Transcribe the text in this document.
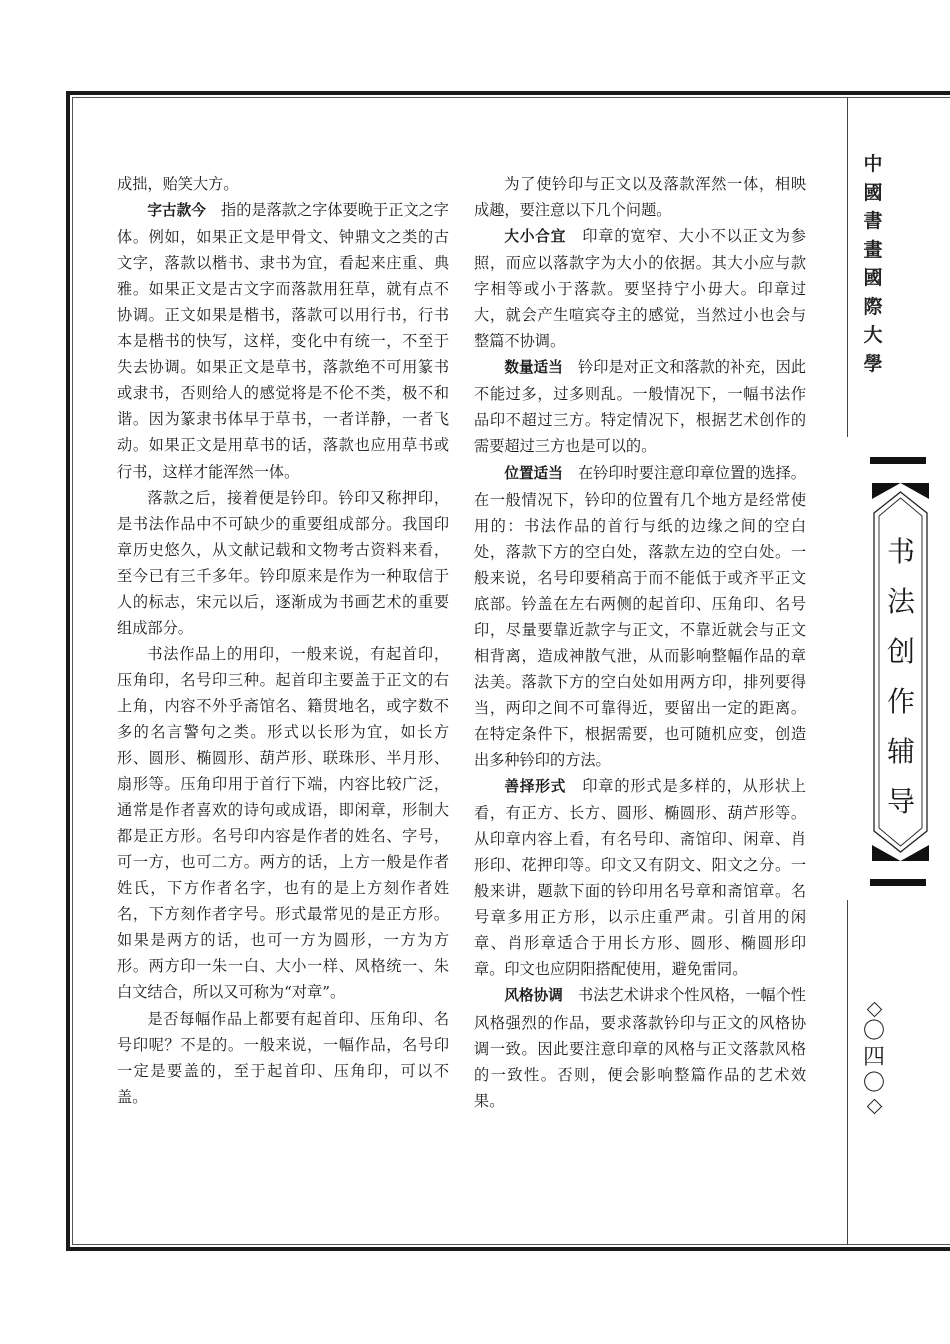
成拙，贻笑大方。

字古款今　指的是落款之字体要晚于正文之字体。例如，如果正文是甲骨文、钟鼎文之类的古文字，落款以楷书、隶书为宜，看起来庄重、典雅。如果正文是古文字而落款用狂草，就有点不协调。正文如果是楷书，落款可以用行书，行书本是楷书的快写，这样，变化中有统一，不至于失去协调。如果正文是草书，落款绝不可用篆书或隶书，否则给人的感觉将是不伦不类，极不和谐。因为篆隶书体早于草书，一者详静，一者飞动。如果正文是用草书的话，落款也应用草书或行书，这样才能浑然一体。

落款之后，接着便是钤印。钤印又称押印，是书法作品中不可缺少的重要组成部分。我国印章历史悠久，从文献记载和文物考古资料来看，至今已有三千多年。钤印原来是作为一种取信于人的标志，宋元以后，逐渐成为书画艺术的重要组成部分。

书法作品上的用印，一般来说，有起首印，压角印，名号印三种。起首印主要盖于正文的右上角，内容不外乎斋馆名、籍贯地名，或字数不多的名言警句之类。形式以长形为宜，如长方形、圆形、椭圆形、葫芦形、联珠形、半月形、扇形等。压角印用于首行下端，内容比较广泛，通常是作者喜欢的诗句或成语，即闲章，形制大都是正方形。名号印内容是作者的姓名、字号，可一方，也可二方。两方的话，上方一般是作者姓氏，下方作者名字，也有的是上方刻作者姓名，下方刻作者字号。形式最常见的是正方形。如果是两方的话，也可一方为圆形，一方为方形。两方印一朱一白、大小一样、风格统一、朱白文结合，所以又可称为“对章”。

是否每幅作品上都要有起首印、压角印、名号印呢？不是的。一般来说，一幅作品，名号印一定是要盖的，至于起首印、压角印，可以不盖。

为了使钤印与正文以及落款浑然一体，相映成趣，要注意以下几个问题。

大小合宜　印章的宽窄、大小不以正文为参照，而应以落款字为大小的依据。其大小应与款字相等或小于落款。要坚持宁小毋大。印章过大，就会产生喧宾夺主的感觉，当然过小也会与整篇不协调。

数量适当　钤印是对正文和落款的补充，因此不能过多，过多则乱。一般情况下，一幅书法作品印不超过三方。特定情况下，根据艺术创作的需要超过三方也是可以的。

位置适当　在钤印时要注意印章位置的选择。在一般情况下，钤印的位置有几个地方是经常使用的：书法作品的首行与纸的边缘之间的空白处，落款下方的空白处，落款左边的空白处。一般来说，名号印要稍高于而不能低于或齐平正文底部。钤盖在左右两侧的起首印、压角印、名号印，尽量要靠近款字与正文，不靠近就会与正文相背离，造成神散气泄，从而影响整幅作品的章法美。落款下方的空白处如用两方印，排列要得当，两印之间不可靠得近，要留出一定的距离。在特定条件下，根据需要，也可随机应变，创造出多种钤印的方法。

善择形式　印章的形式是多样的，从形状上看，有正方、长方、圆形、椭圆形、葫芦形等。从印章内容上看，有名号印、斋馆印、闲章、肖形印、花押印等。印文又有阴文、阳文之分。一般来讲，题款下面的钤印用名号章和斋馆章。名号章多用正方形，以示庄重严肃。引首用的闲章、肖形章适合于用长方形、圆形、椭圆形印章。印文也应阴阳搭配使用，避免雷同。

风格协调　书法艺术讲求个性风格，一幅个性风格强烈的作品，要求落款钤印与正文的风格协调一致。因此要注意印章的风格与正文落款风格的一致性。否则，便会影响整篇作品的艺术效果。

中
國
書
畫
國
際
大
學
书
法
创
作
辅
导
〇
四
〇
